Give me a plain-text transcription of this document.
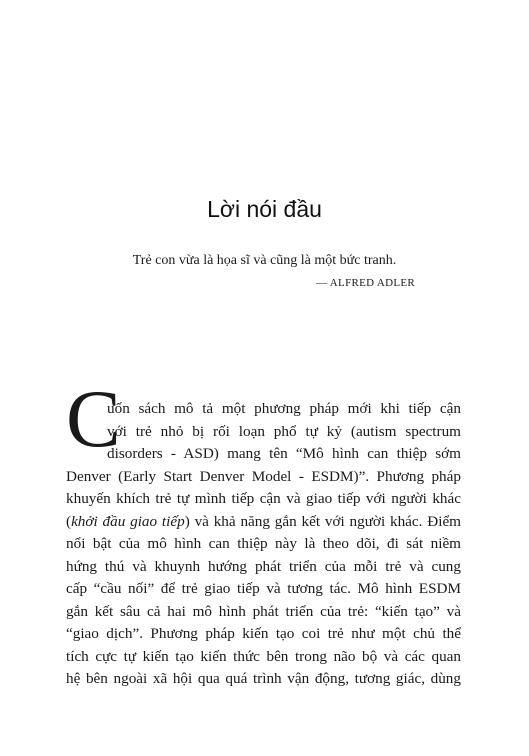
Lời nói đầu

Trẻ con vừa là họa sĩ và cũng là một bức tranh.

— ALFRED ADLER

C
uốn sách mô tả một phương pháp mới khi tiếp cận
với trẻ nhỏ bị rối loạn phổ tự kỷ (autism spectrum
disorders - ASD) mang tên “Mô hình can thiệp sớm
Denver (Early Start Denver Model - ESDM)”. Phương pháp
khuyến khích trẻ tự mình tiếp cận và giao tiếp với người khác
(khởi đầu giao tiếp) và khả năng gắn kết với người khác. Điểm
nổi bật của mô hình can thiệp này là theo dõi, đi sát niềm
hứng thú và khuynh hướng phát triển của mỗi trẻ và cung
cấp “cầu nối” để trẻ giao tiếp và tương tác. Mô hình ESDM
gắn kết sâu cả hai mô hình phát triển của trẻ: “kiến tạo” và
“giao dịch”. Phương pháp kiến tạo coi trẻ như một chủ thể
tích cực tự kiến tạo kiến thức bên trong não bộ và các quan
hệ bên ngoài xã hội qua quá trình vận động, tương giác, dùng
